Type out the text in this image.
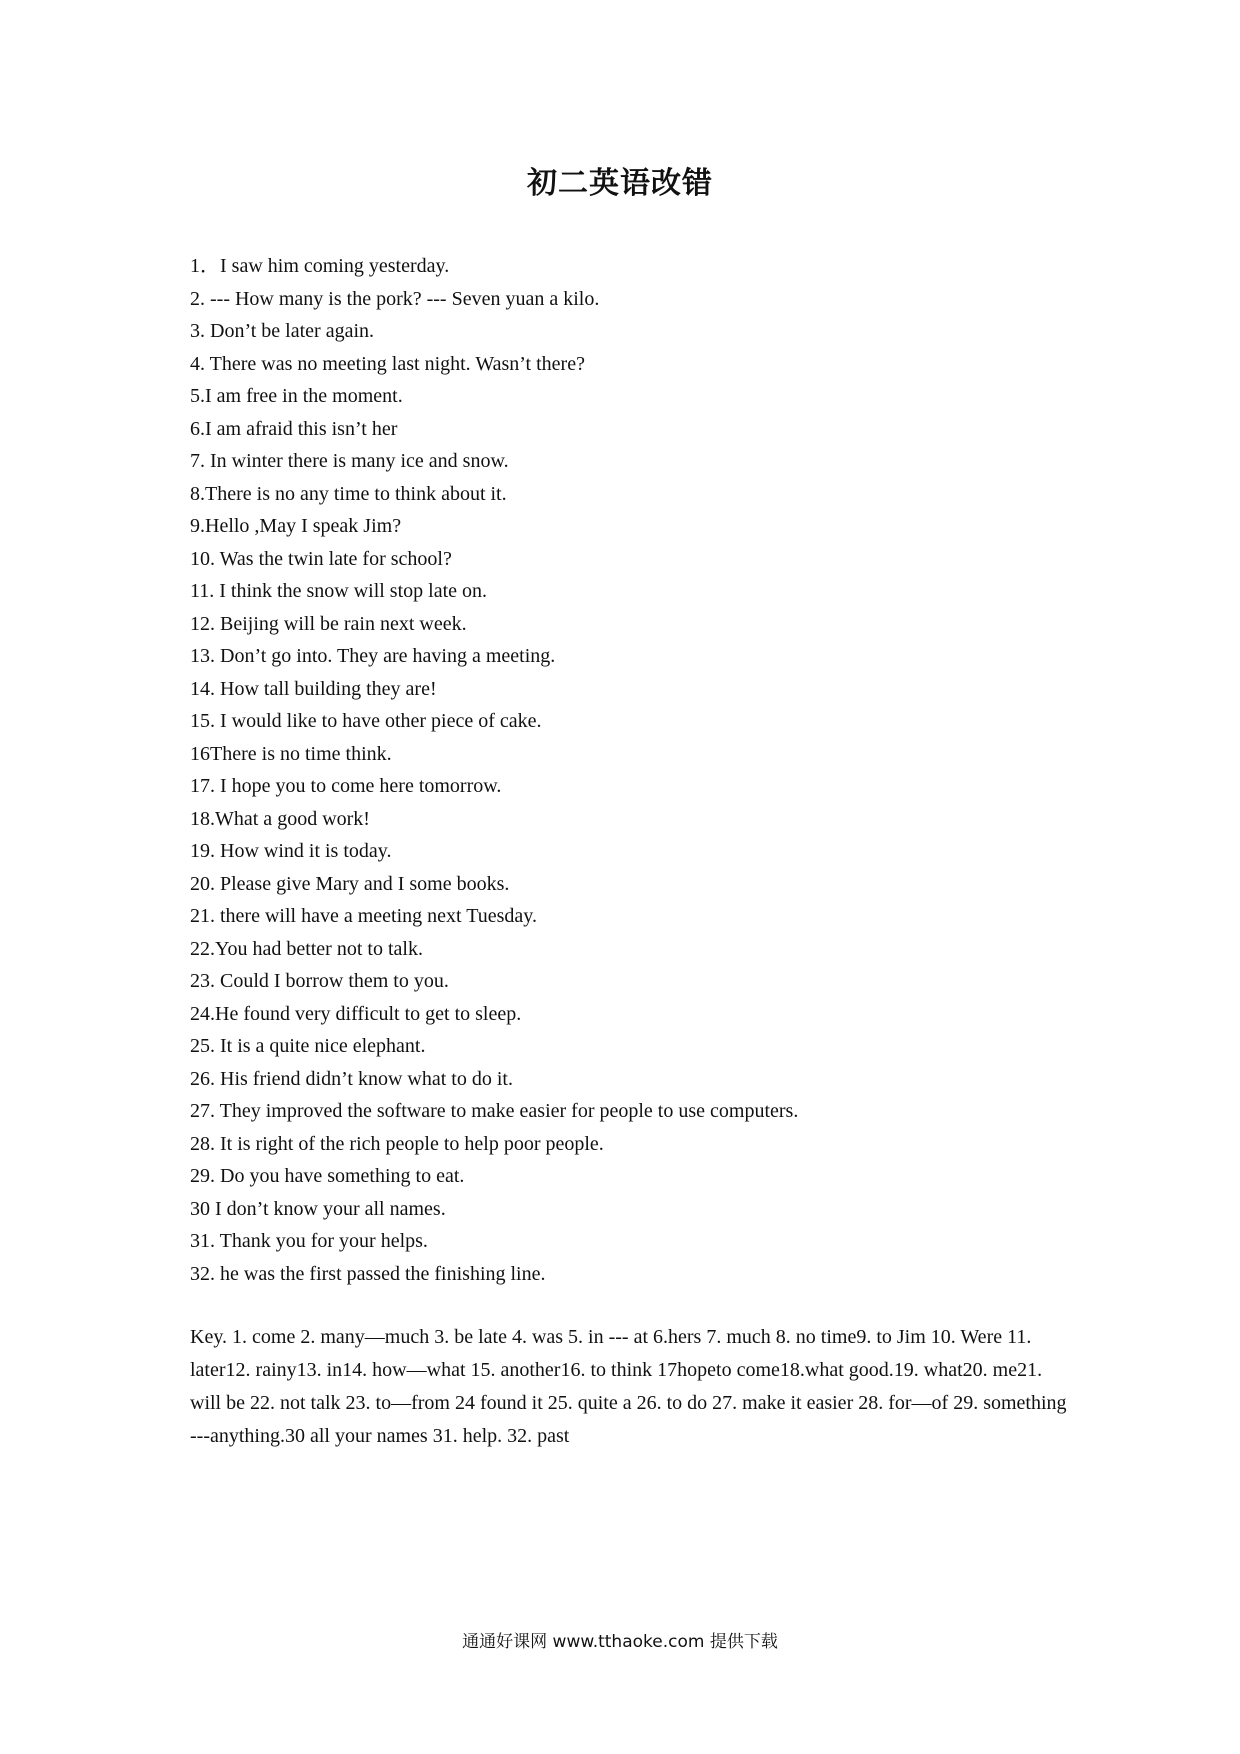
初二英语改错
1．I saw him coming yesterday.
2. --- How many is the pork? --- Seven yuan a kilo.
3. Don’t be later again.
4. There was no meeting last night. Wasn’t there?
5.I am free in the moment.
6.I am afraid this isn’t her
7. In winter there is many ice and snow.
8.There is no any time to think about it.
9.Hello ,May I speak Jim?
10. Was the twin late for school?
11. I think the snow will stop late on.
12. Beijing will be rain next week.
13. Don’t go into. They are having a meeting.
14. How tall building they are!
15. I would like to have other piece of cake.
16There is no time think.
17. I hope you to come here tomorrow.
18.What a good work!
19. How wind it is today.
20. Please give Mary and I some books.
21. there will have a meeting next Tuesday.
22.You had better not to talk.
23. Could I borrow them to you.
24.He found very difficult to get to sleep.
25. It is a quite nice elephant.
26. His friend didn’t know what to do it.
27. They improved the software to make easier for people to use computers.
28. It is right of the rich people to help poor people.
29. Do you have something to eat.
30 I don’t know your all names.
31. Thank you for your helps.
32. he was the first passed the finishing line.

Key. 1. come 2. many—much 3. be late 4. was 5. in --- at 6.hers 7. much 8. no time9. to Jim 10. Were 11. later12. rainy13. in14. how—what 15. another16. to think 17hopeto come18.what good.19. what20. me21. will be 22. not talk 23. to—from 24 found it 25. quite a 26. to do 27. make it easier 28. for—of 29. something ---anything.30 all your names 31. help. 32. past

通通好课网 www.tthaoke.com 提供下载
